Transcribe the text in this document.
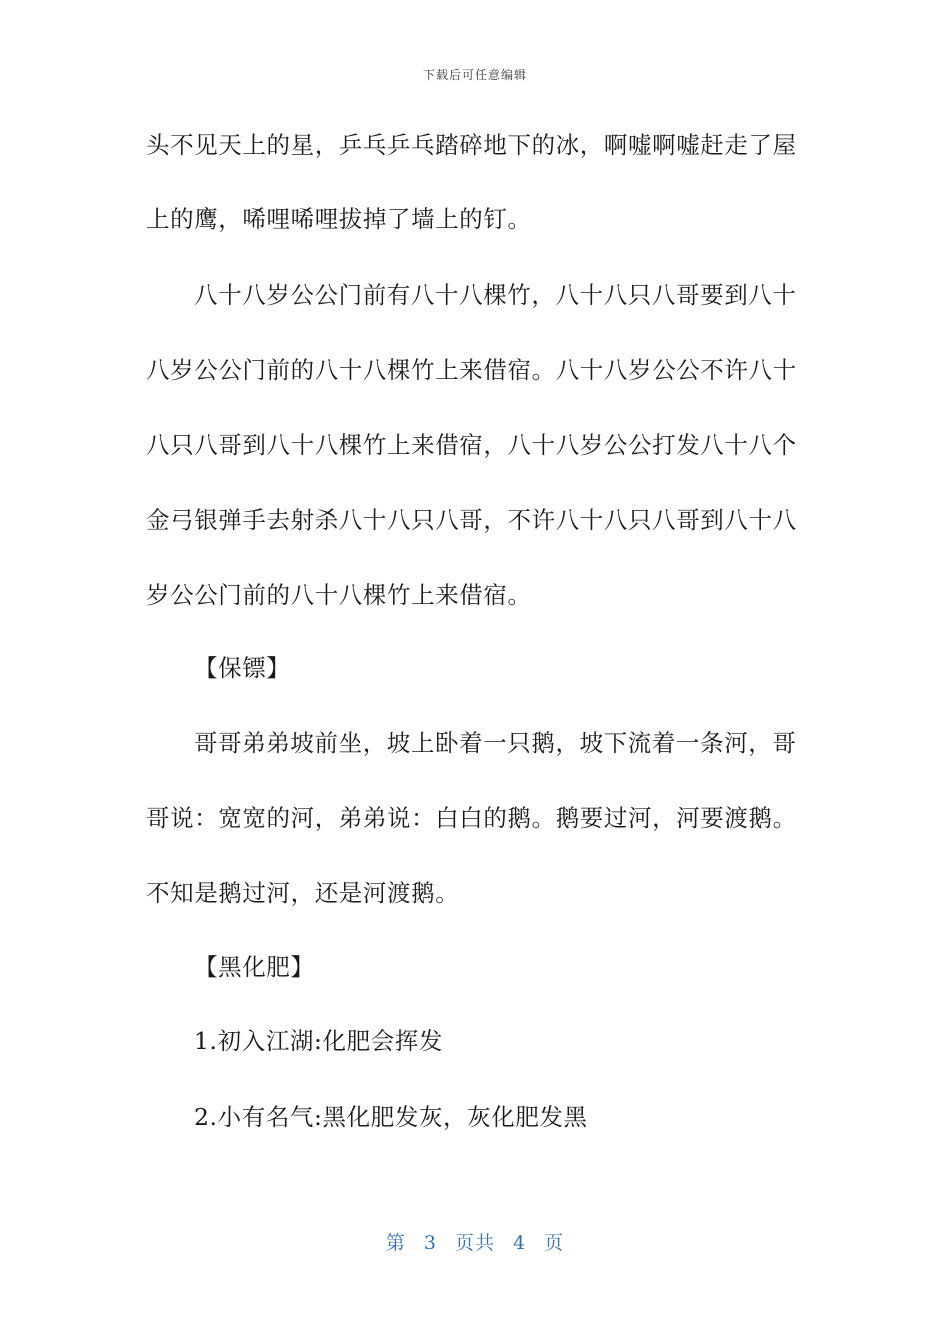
下载后可任意编辑
头不见天上的星，乒乓乒乓踏碎地下的冰，啊嘘啊嘘赶走了屋
上的鹰，唏哩唏哩拔掉了墙上的钉。
八十八岁公公门前有八十八棵竹，八十八只八哥要到八十
八岁公公门前的八十八棵竹上来借宿。八十八岁公公不许八十
八只八哥到八十八棵竹上来借宿，八十八岁公公打发八十八个
金弓银弹手去射杀八十八只八哥，不许八十八只八哥到八十八
岁公公门前的八十八棵竹上来借宿。
【保镖】
哥哥弟弟坡前坐，坡上卧着一只鹅，坡下流着一条河，哥
哥说：宽宽的河，弟弟说：白白的鹅。鹅要过河，河要渡鹅。
不知是鹅过河，还是河渡鹅。
【黑化肥】
1.初入江湖:化肥会挥发
2.小有名气:黑化肥发灰，灰化肥发黑
第 3 页共 4 页
